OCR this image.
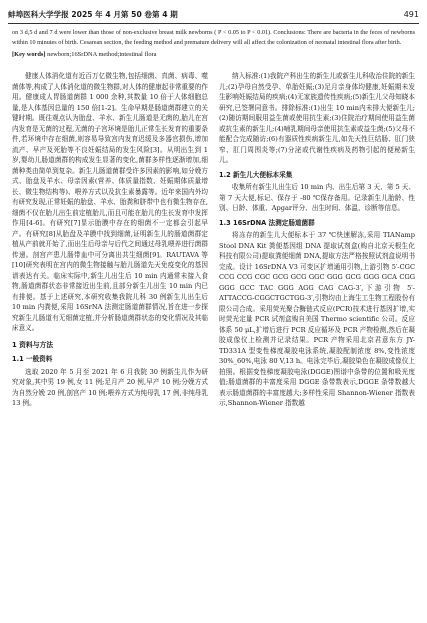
蚌埠医科大学学报 2025 年 4 月第 50 卷第 4 期	491
on 3 d,5 d and 7 d were lower than those of non-exclusive breast milk newborns ( P < 0.05 to P < 0.01). Conclusions: There are bacteria in the feces of newborns within 10 minutes of birth. Cesarean section, the feeding method and premature delivery will all affect the colonization of neonatal intestinal flora after birth.
[Key words] newborn;16SrDNA method;intestinal flora

健康人体消化道有近百万亿微生物,包括细菌、真菌、病毒、噬菌体等,构成了人体消化道的微生物群,对人体的健康起非常重要的作用。健康成人胃肠道菌群 1 000 余种,其数量 10 倍于人体细胞总量,是人体基因总量的 150 倍[1-2]。生命早期是肠道菌群建立的关键时期。既往观点认为胎盘、羊水、新生儿肠道是无菌的,胎儿在宫内发育是无菌的过程,无菌的子宫环境是胎儿正常生长发育的重要条件,若环境中存在细菌,则容易导致宫内发育迟缓及多器官损伤,增加流产、早产及死胎等不良妊娠结局的发生风险[3]。从明出生到 1 岁,婴幼儿肠道菌群的构成发生显著的变化,菌群多样性逐渐增加,细菌种类由简单到复杂。新生儿肠道菌群受许多因素的影响,如分娩方式、胎盘及羊水、母亲因素(营养、体质量指数、妊娠期体质量增长、微生物结构等)、喂养方式以及抗生素暴露等。近年来国内外均有研究发现,正常妊娠的胎盘、羊水、胎粪和脐带中也有微生物存在,细菌不仅在胎儿出生前定植胎儿,而且可能在胎儿的生长发育中发挥作用[4-6]。有研究[7]显示胎膜中存在的细菌不一定都会引起早产。有研究[8]从胎盘及羊膜中找到细菌,证明新生儿的肠道菌群定植从产前就开始了,而出生后母亲与后代之间通过母乳喂养进行菌群传递。剖宫产患儿肠带血中可分离出共生细菌[9]。RAUTAVA 等[10]研究表明在宫内的微生物接触与胎儿肠道先天免疫变化的基因谱表达有关。临床实际中,新生儿出生后 10 min 内通常未接入食物,肠道菌群状态非常接近出生前,且部分新生儿出生 10 min 内已有排便。基于上述研究,本研究收集我院儿科 30 例新生儿出生后 10 min 内粪便,采用 16SrNA 法测定肠道菌群情况,旨在进一步探究新生儿肠道有无细菌定植,并分析肠道菌群状态的变化情况及其临床意义。

1 资料与方法
1.1 一般资料

选取 2020 年 5 月至 2021 年 6 月我院 30 例新生儿作为研究对象,其中男 19 例,女 11 例;足月产 20 例,早产 10 例;分娩方式为自然分娩 20 例,剖宫产 10 例;喂养方式为纯母乳 17 例,非纯母乳 13 例。

纳入标准:(1)我院产科出生的新生儿或新生儿科收治住院的新生儿;(2)孕母自然受孕、单胎妊娠;(3)足月亲身体均健康,妊娠期未发生影响妊娠结局的疾病;(4)无家族遗传性疾病;(5)新生儿父母知晓本研究,已签署同意书。排除标准:(1)出生 10 min内未排大便新生儿;(2)随访期间服用益生菌或使用抗生素;(3)住院治疗期间使用益生菌或抗生素的新生儿;(4)哺乳期间母亲使用抗生素或益生菌;(5)父母不能配合完成随访;(6)有器质性疾病新生儿,如先天性巨结肠、肛门狭窄、肛门周围炎等;(7)分泌或代谢性疾病及药物引起的便秘新生儿。

1.2 新生儿大便标本采集

收集所有新生儿出生后 10 min 内、出生后第 3 天、第 5 天、第 7 天大便,标记、保存于 -80 ℃保存备用。记录新生儿胎龄、性别、日龄、体重、Apgar评分、出生时间、体温、诊断等信息。

1.3 16SrDNA 法测定肠道菌群

将冻存的新生儿大便标本于 37 ℃快速解冻,采用 TIANamp Stool DNA Kit 粪便基因组 DNA 提取试剂盒(购自北京天根生化科技有限公司)提取粪便细菌 DNA,提取方法严格按照试剂盒说明书完成。设计 16SrDNA V3 可变区扩增通用引物,上游引物 5′-CGC CCG CCG CGC GCG GCG GGC GGG GCG GGG GCA CGG GGG GCC TAC GGG AGG CAG CAG-3′,下游引物 5′-ATTACCG-CGGCTGCTGG-3′,引物均由上海生工生物工程股份有限公司合成。采用荧光聚合酶链式反应(PCR)技术进行基因扩增,实时荧光定量 PCR 试剂盒购自美国 Thermo scientific 公司。反应体系 50 μL,扩增后进行 PCR 反应循环及 PCR 产物检测,然后在凝胶成像仪上检测并记录结果。PCR 产物采用北京君意东方 JY-TD331A 型变性梯度凝胶电泳系统,凝胶配制浓度 8%,变性浓度 30%_60%,电泳 80 V,13 h。电泳完毕后,凝胶染色在凝胶成像仪上拍照。根据变性梯度凝胶电泳(DGGE)图谱中条带的位置和吸光度值;肠道菌群的丰富度采用 DGGE 条带数表示,DGGE 条带数越大表示肠道菌群的丰富度越大;多样性采用 Shannon-Wiener 指数表示,Shannon-Wiener 指数越
